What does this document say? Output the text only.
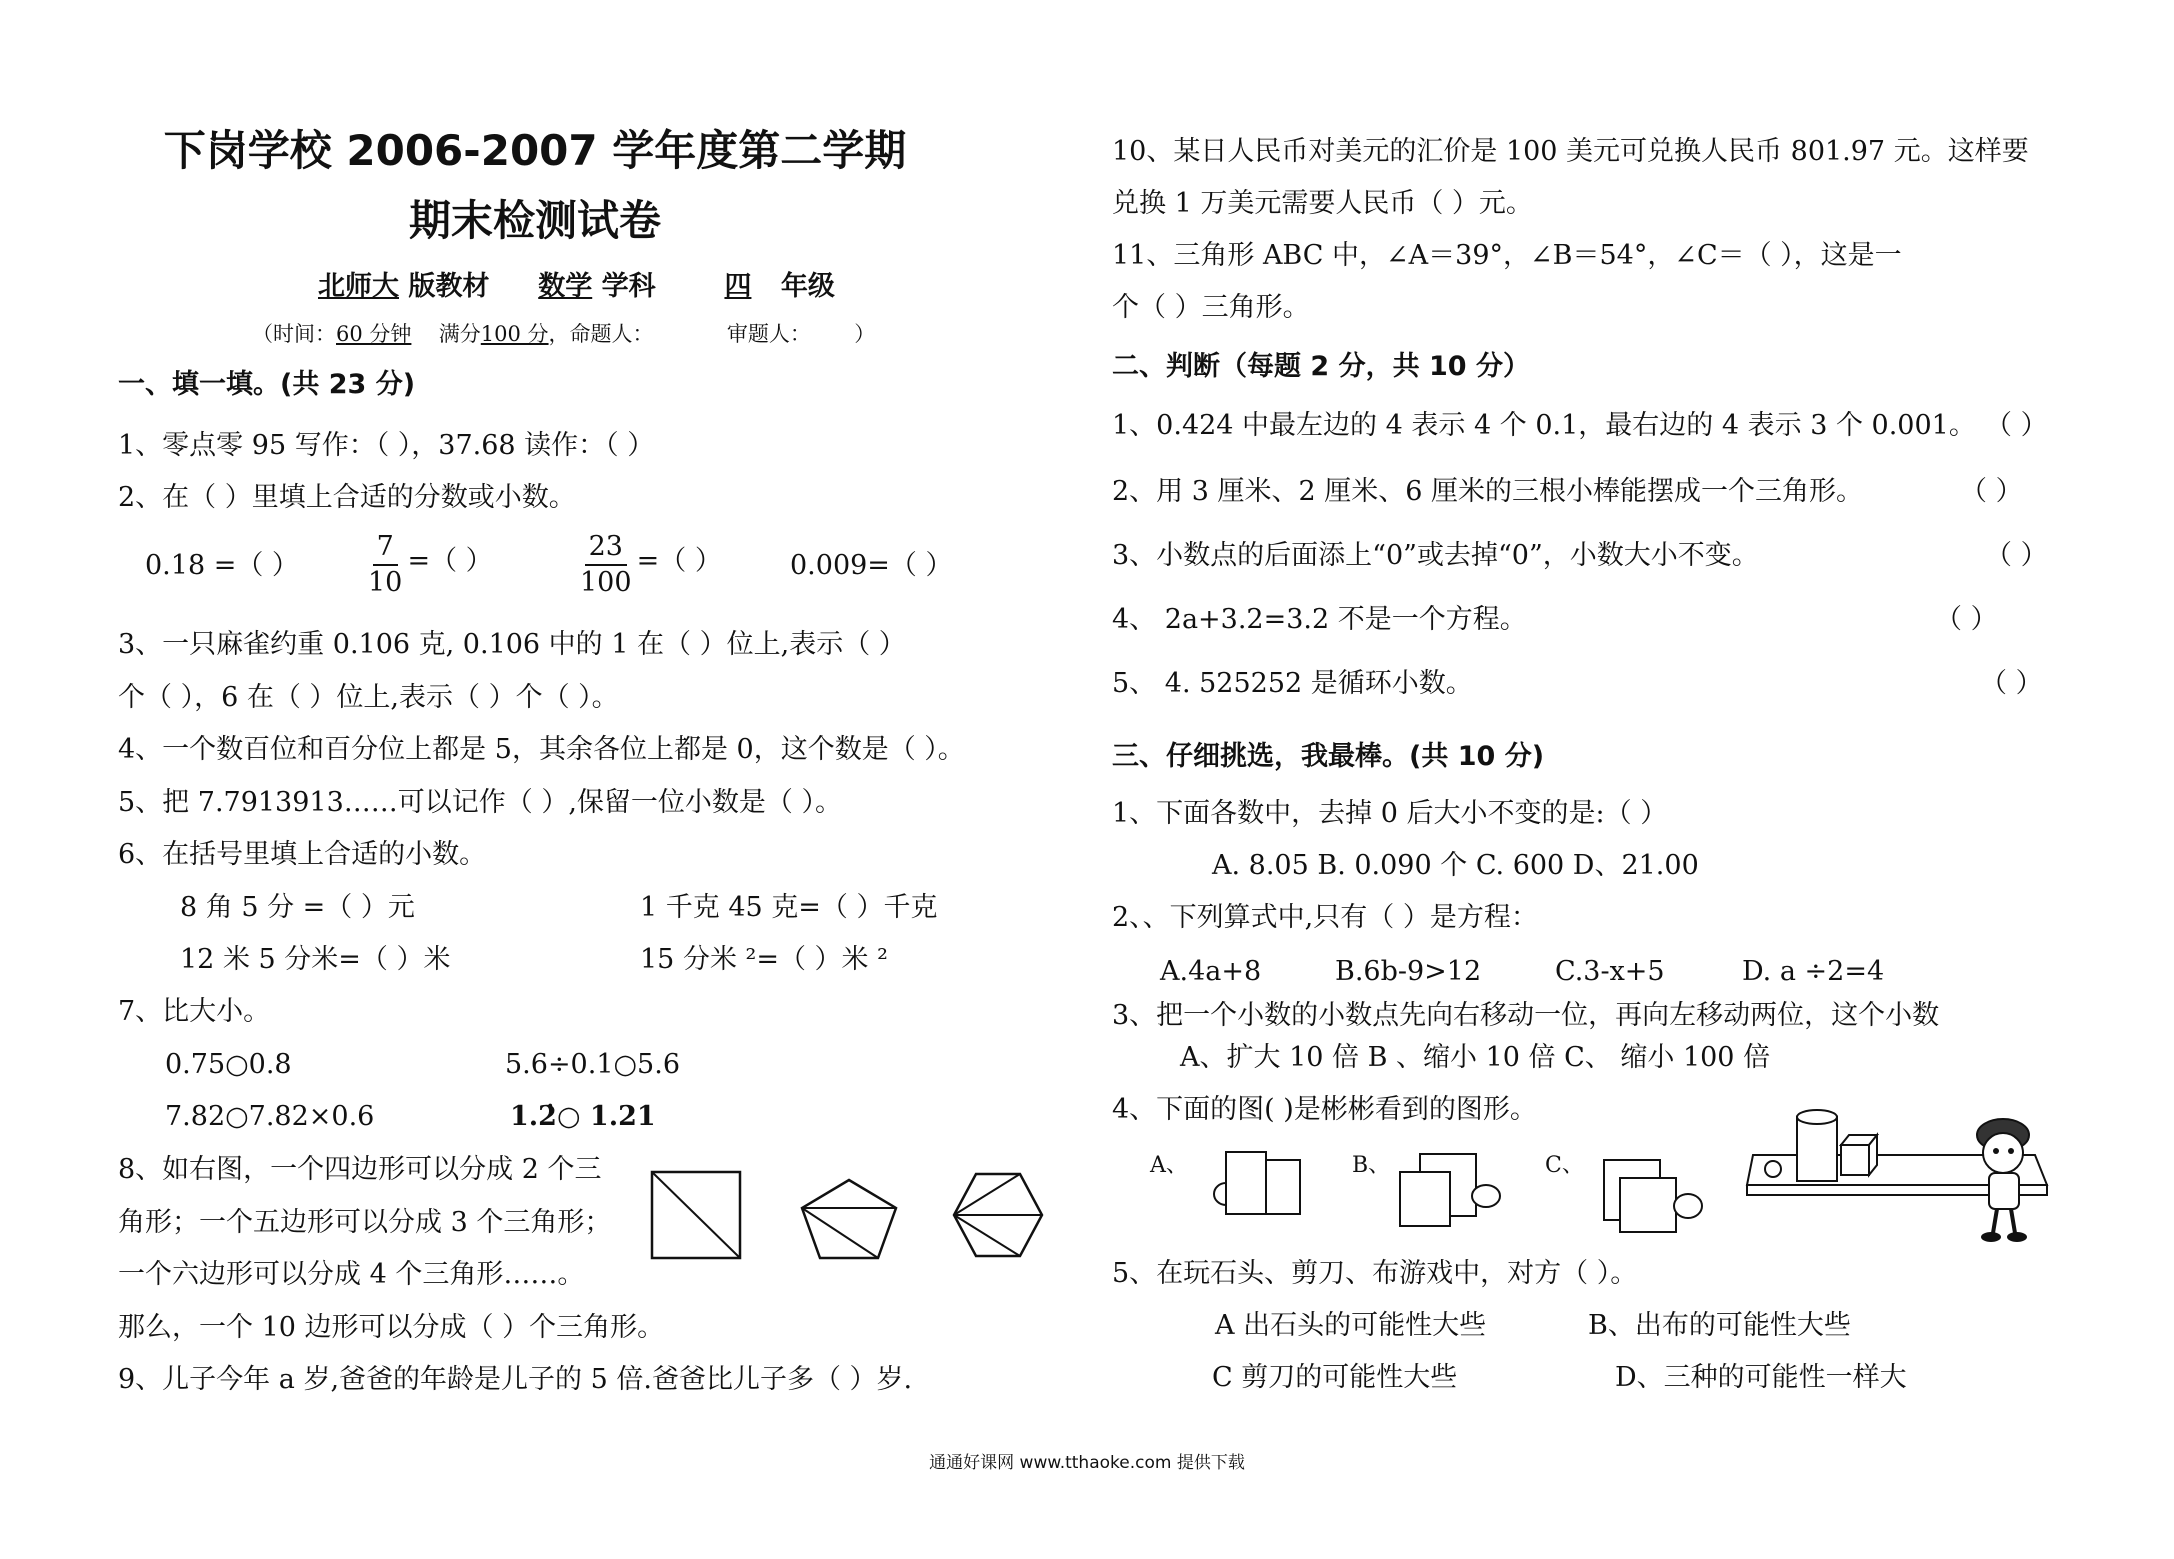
下岗学校 2006-2007 学年度第二学期
期末检测试卷
北师大 版教材 数学 学科	四 年级
（时间：60 分钟 满分100 分，命题人：	审题人： ）
一、填一填。(共 23 分)
1、零点零 95 写作：（ ），37.68 读作：（ ）
2、在（ ）里填上合适的分数或小数。
0.18 =（ ）	$\frac{7}{10}$ =（ ）	$\frac{23}{100}$ =（ ）	0.009=（ ）
3、一只麻雀约重 0.106 克, 0.106 中的 1 在（ ）位上,表示（ ）
个（ ），6 在（ ）位上,表示（ ）个（ ）。
4、一个数百位和百分位上都是 5，其余各位上都是 0，这个数是（ ）。
5、把 7.7913913……可以记作（ ）,保留一位小数是（ ）。
6、在括号里填上合适的小数。
8 角 5 分 =（ ）元	1 千克 45 克=（ ）千克
12 米 5 分米=（ ）米	15 分米 ²=（ ）米 ²
7、比大小。
0.75○0.8	5.6÷0.1○5.6
7.82○7.82×0.6	1.2̇○ 1.21
8、如右图，一个四边形可以分成 2 个三
角形；一个五边形可以分成 3 个三角形；
一个六边形可以分成 4 个三角形……。
那么，一个 10 边形可以分成（ ）个三角形。
9、儿子今年 a 岁,爸爸的年龄是儿子的 5 倍.爸爸比儿子多（ ）岁.
10、某日人民币对美元的汇价是 100 美元可兑换人民币 801.97 元。这样要
兑换 1 万美元需要人民币（ ）元。
11、三角形 ABC 中，∠A＝39°，∠B＝54°，∠C＝（ ），这是一
个（ ）三角形。
二、判断（每题 2 分，共 10 分）
1、0.424 中最左边的 4 表示 4 个 0.1，最右边的 4 表示 3 个 0.001。 （ ）
2、用 3 厘米、2 厘米、6 厘米的三根小棒能摆成一个三角形。	（ ）
3、小数点的后面添上“0”或去掉“0”，小数大小不变。	（ ）
4、 2a+3.2=3.2 不是一个方程。	（ ）
5、 4. 525252 是循环小数。	（ ）
三、仔细挑选，我最棒。(共 10 分)
1、下面各数中，去掉 0 后大小不变的是:（ ）
A. 8.05 B. 0.090 个 C. 600 D、21.00
2、、下列算式中,只有（ ）是方程：
A.4a+8	B.6b-9>12	C.3-x+5	D. a ÷2=4
3、把一个小数的小数点先向右移动一位，再向左移动两位，这个小数
A、扩大 10 倍 B 、缩小 10 倍 C、 缩小 100 倍
4、下面的图( )是彬彬看到的图形。
A、	B、	C、
5、在玩石头、剪刀、布游戏中，对方（ ）。
A 出石头的可能性大些	B、出布的可能性大些
C 剪刀的可能性大些	D、三种的可能性一样大
通通好课网 www.tthaoke.com 提供下载
